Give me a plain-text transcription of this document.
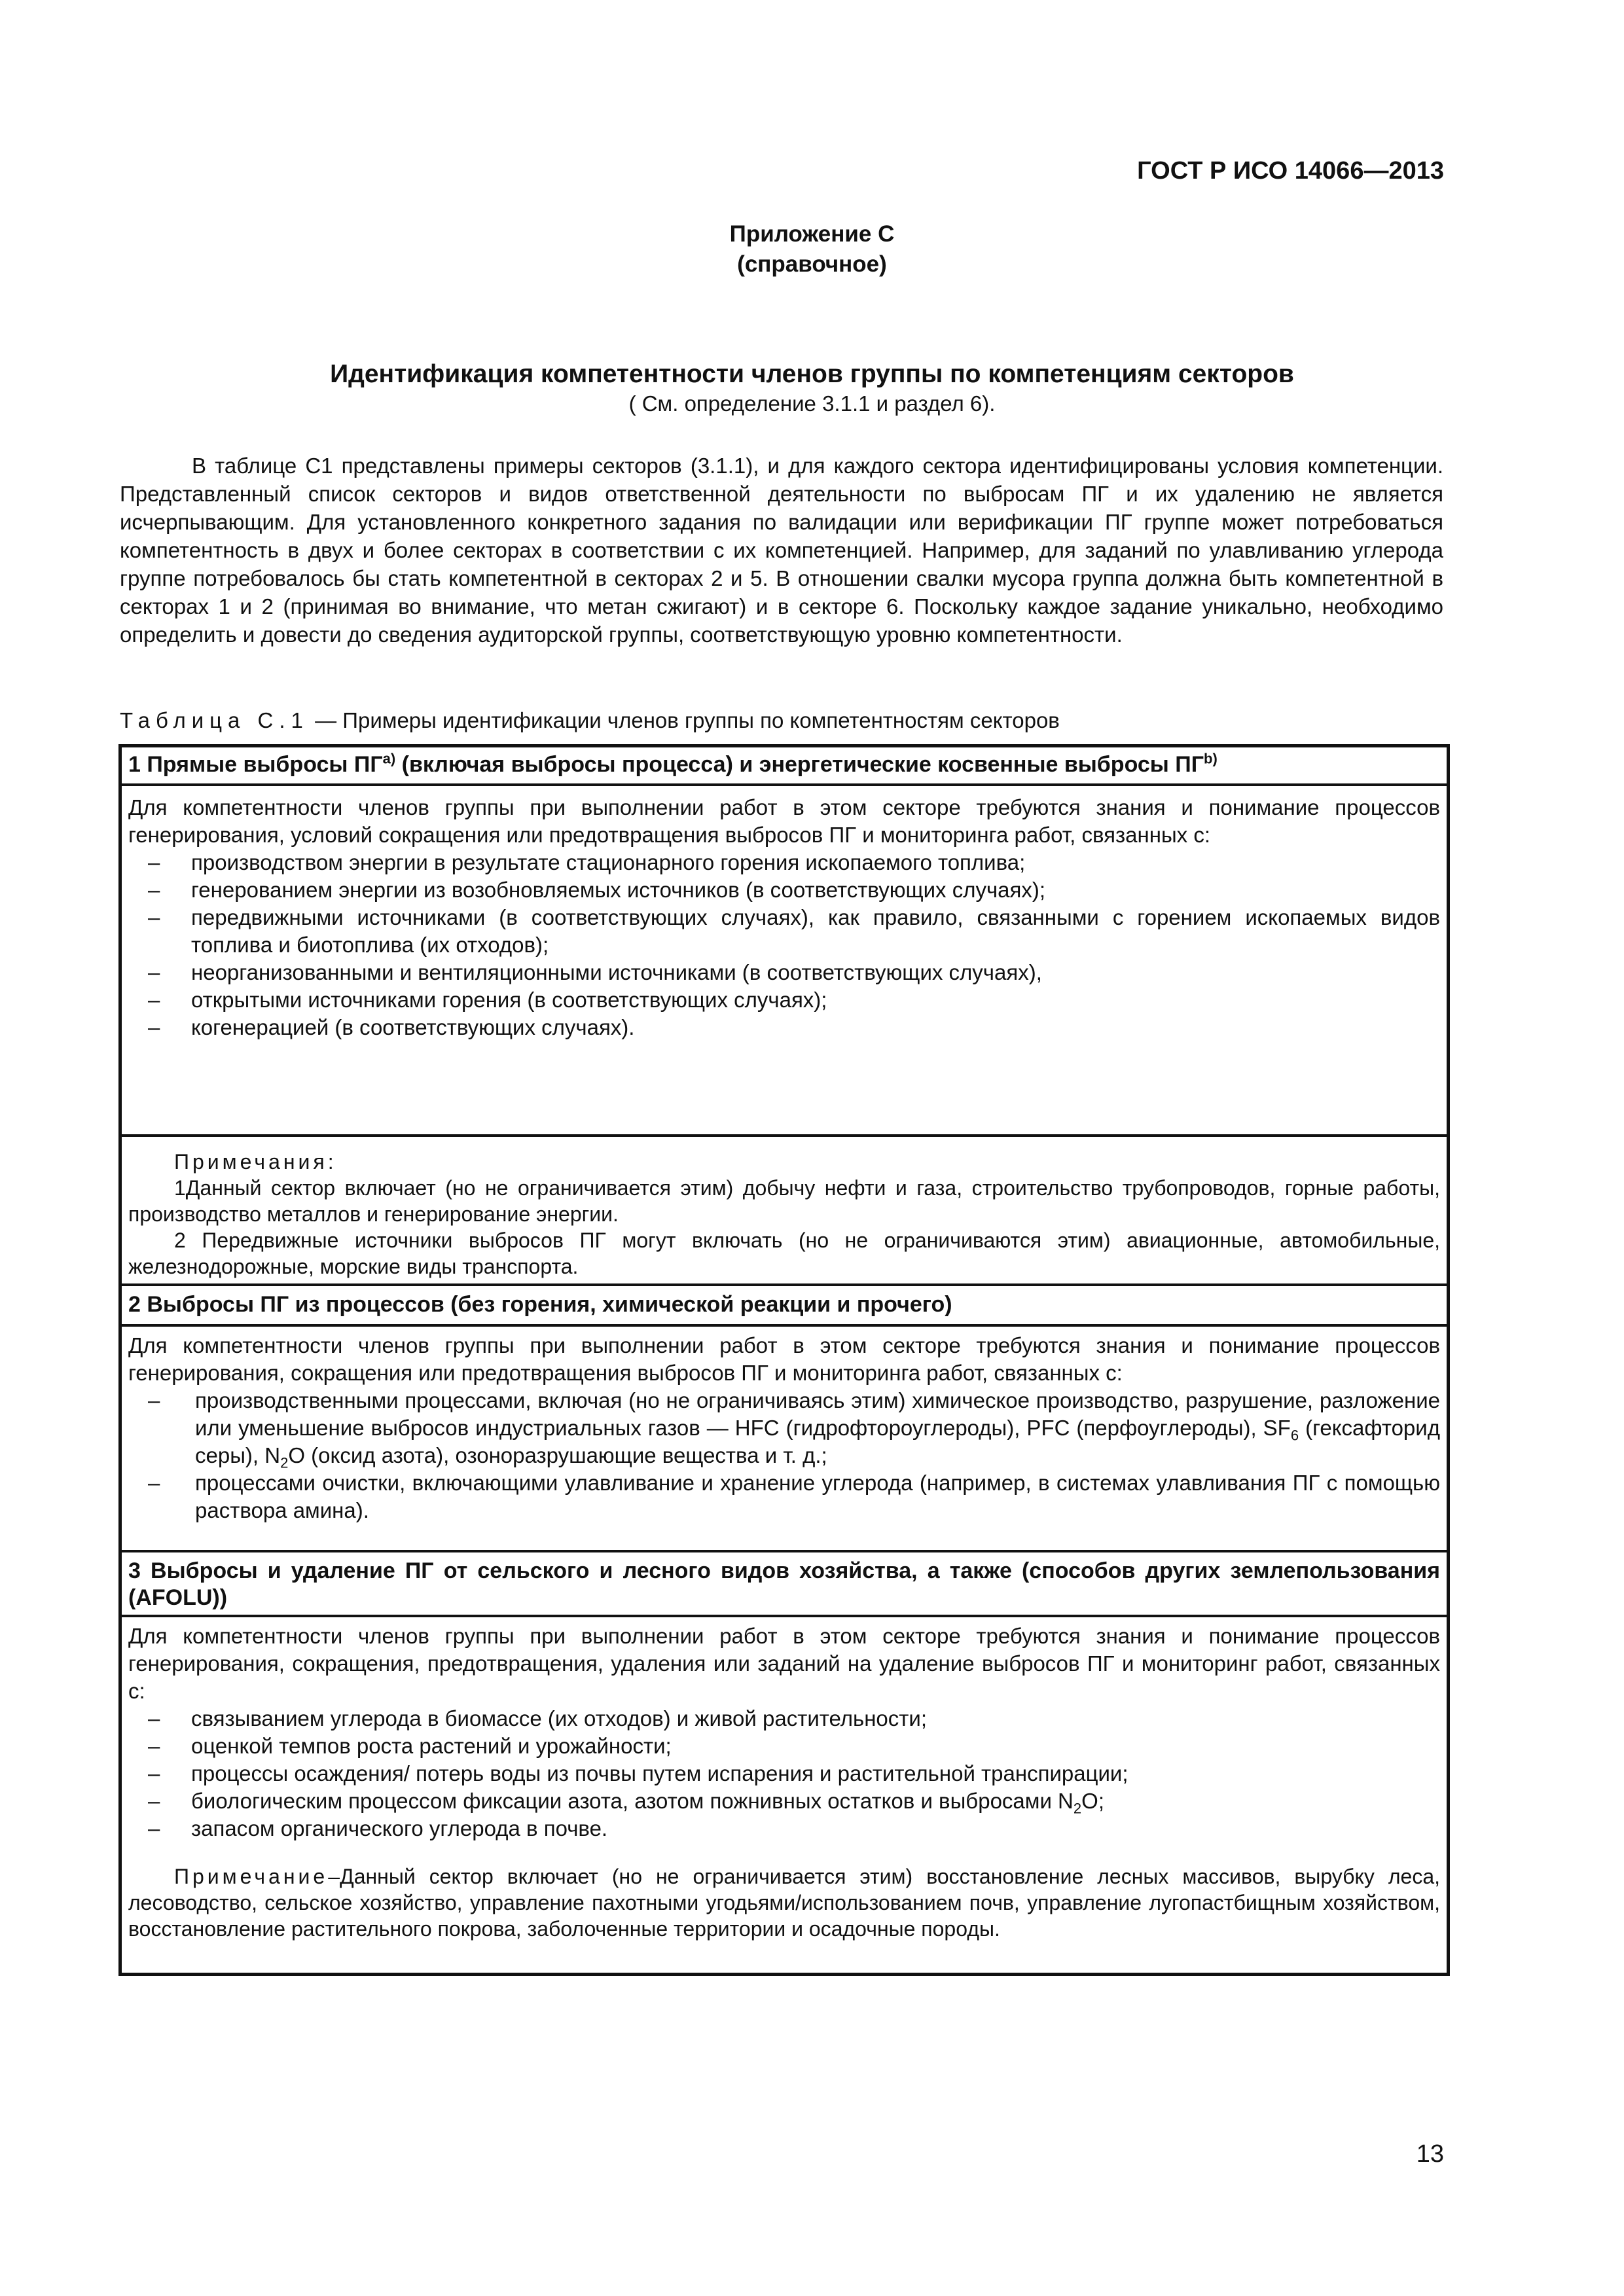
ГОСТ Р ИСО 14066—2013
Приложение С
(справочное)
Идентификация компетентности членов группы по компетенциям секторов
( См. определение 3.1.1 и раздел 6).

В таблице С1 представлены примеры секторов (3.1.1), и для каждого сектора идентифицированы условия компетенции. Представленный список секторов и видов ответственной деятельности по выбросам ПГ и их удалению не является исчерпывающим. Для установленного конкретного задания по валидации или верификации ПГ группе может потребоваться компетентность в двух и более секторах в соответствии с их компетенцией. Например, для заданий по улавливанию углерода группе потребовалось бы стать компетентной в секторах 2 и 5. В отношении свалки мусора группа должна быть компетентной в секторах 1 и 2 (принимая во внимание, что метан сжигают) и в секторе 6. Поскольку каждое задание уникально, необходимо определить и довести до сведения аудиторской группы, соответствующую уровню компетентности.

Таблица С.1 — Примеры идентификации членов группы по компетентностям секторов

1 Прямые выбросы ПГ$^{a)}$ (включая выбросы процесса) и энергетические косвенные выбросы ПГ$^{b)}$

Для компетентности членов группы при выполнении работ в этом секторе требуются знания и понимание процессов генерирования, условий сокращения или предотвращения выбросов ПГ и мониторинга работ, связанных с:

– производством энергии в результате стационарного горения ископаемого топлива;
– генерованием энергии из возобновляемых источников (в соответствующих случаях);
– передвижными источниками (в соответствующих случаях), как правило, связанными с горением ископаемых видов топлива и биотоплива (их отходов);
– неорганизованными и вентиляционными источниками (в соответствующих случаях),
– открытыми источниками горения (в соответствующих случаях);
– когенерацией (в соответствующих случаях).

Примечания:

1Данный сектор включает (но не ограничивается этим) добычу нефти и газа, строительство трубопроводов, горные работы, производство металлов и генерирование энергии.

2 Передвижные источники выбросов ПГ могут включать (но не ограничиваются этим) авиационные, автомобильные, железнодорожные, морские виды транспорта.

2 Выбросы ПГ из процессов (без горения, химической реакции и прочего)

Для компетентности членов группы при выполнении работ в этом секторе требуются знания и понимание процессов генерирования, сокращения или предотвращения выбросов ПГ и мониторинга работ, связанных с:

– производственными процессами, включая (но не ограничиваясь этим) химическое производство, разрушение, разложение или уменьшение выбросов индустриальных газов — HFC (гидрофтороуглероды), PFC (перфоуглероды), $SF_6$ (гексафторид серы), $N_2O$ (оксид азота), озоноразрушающие вещества и т. д.;
– процессами очистки, включающими улавливание и хранение углерода (например, в системах улавливания ПГ с помощью раствора амина).
3 Выбросы и удаление ПГ от сельского и лесного видов хозяйства, а также (способов других землепользования (AFOLU))

Для компетентности членов группы при выполнении работ в этом секторе требуются знания и понимание процессов генерирования, сокращения, предотвращения, удаления или заданий на удаление выбросов ПГ и мониторинг работ, связанных с:

– связыванием углерода в биомассе (их отходов) и живой растительности;
– оценкой темпов роста растений и урожайности;
– процессы осаждения/ потерь воды из почвы путем испарения и растительной транспирации;
– биологическим процессом фиксации азота, азотом пожнивных остатков и выбросами $N_2O$;
– запасом органического углерода в почве.

Примечание–Данный сектор включает (но не ограничивается этим) восстановление лесных массивов, вырубку леса, лесоводство, сельское хозяйство, управление пахотными угодьями/использованием почв, управление лугопастбищным хозяйством, восстановление растительного покрова, заболоченные территории и осадочные породы.

13
